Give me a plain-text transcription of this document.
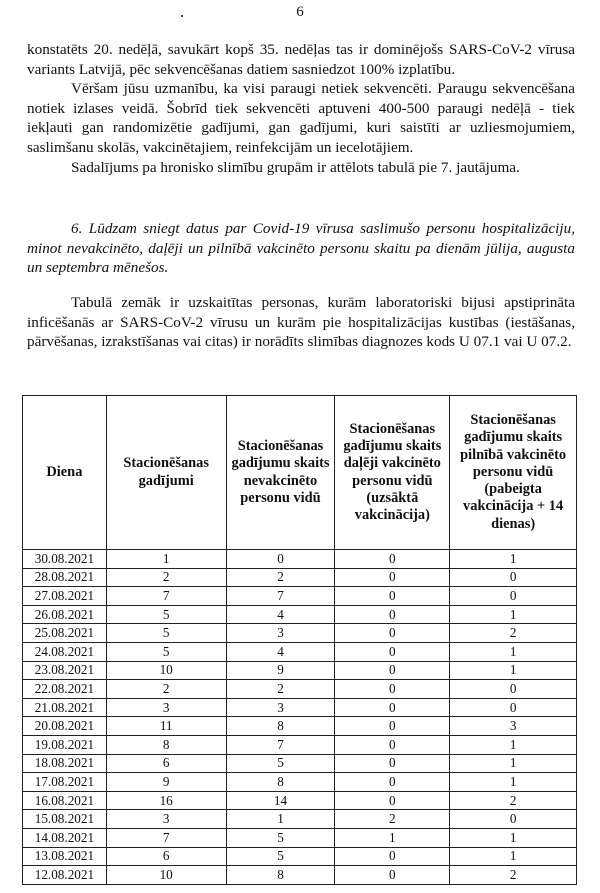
6

konstatēts 20. nedēļā, savukārt kopš 35. nedēļas tas ir dominējošs SARS-CoV-2 vīrusa variants Latvijā, pēc sekvencēšanas datiem sasniedzot 100% izplatību.

Vēršam jūsu uzmanību, ka visi paraugi netiek sekvencēti. Paraugu sekvencēšana notiek izlases veidā. Šobrīd tiek sekvencēti aptuveni 400-500 paraugi nedēļā - tiek iekļauti gan randomizētie gadījumi, gan gadījumi, kuri saistīti ar uzliesmojumiem, saslimšanu skolās, vakcinētajiem, reinfekcijām un iecelotājiem.

Sadalījums pa hronisko slimību grupām ir attēlots tabulā pie 7. jautājuma.

6. Lūdzam sniegt datus par Covid-19 vīrusa saslimušo personu hospitalizāciju, minot nevakcinēto, daļēji un pilnībā vakcinēto personu skaitu pa dienām jūlija, augusta un septembra mēnešos.

Tabulā zemāk ir uzskaitītas personas, kurām laboratoriski bijusi apstiprināta inficēšanās ar SARS-CoV-2 vīrusu un kurām pie hospitalizācijas kustības (iestāšanas, pārvēšanas, izrakstīšanas vai citas) ir norādīts slimības diagnozes kods U 07.1 vai U 07.2.

Diena	Stacionēšanas gadījumi	Stacionēšanas gadījumu skaits nevakcinēto personu vidū	Stacionēšanas gadījumu skaits daļēji vakcinēto personu vidū (uzsāktā vakcinācija)	Stacionēšanas gadījumu skaits pilnībā vakcinēto personu vidū (pabeigta vakcinācija + 14 dienas)
30.08.2021	1	0	0	1
28.08.2021	2	2	0	0
27.08.2021	7	7	0	0
26.08.2021	5	4	0	1
25.08.2021	5	3	0	2
24.08.2021	5	4	0	1
23.08.2021	10	9	0	1
22.08.2021	2	2	0	0
21.08.2021	3	3	0	0
20.08.2021	11	8	0	3
19.08.2021	8	7	0	1
18.08.2021	6	5	0	1
17.08.2021	9	8	0	1
16.08.2021	16	14	0	2
15.08.2021	3	1	2	0
14.08.2021	7	5	1	1
13.08.2021	6	5	0	1
12.08.2021	10	8	0	2
